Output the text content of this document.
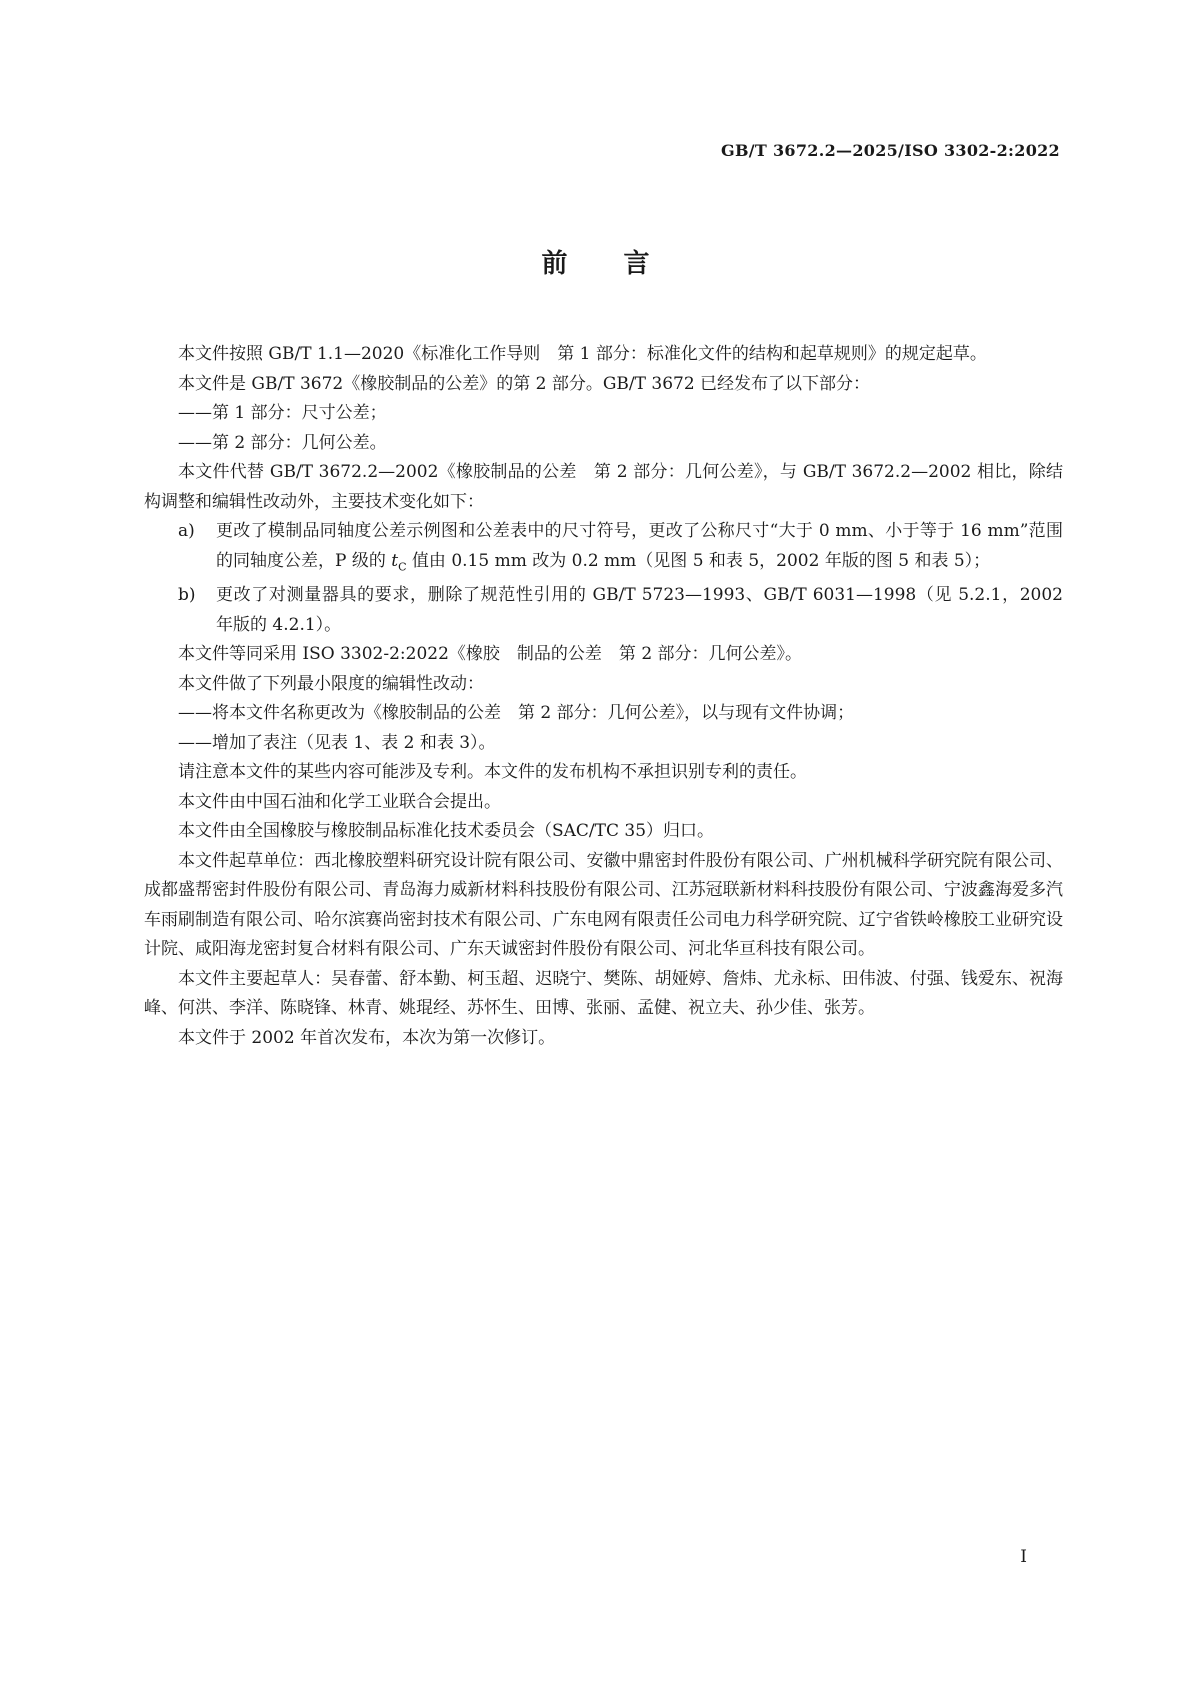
GB/T 3672.2—2025/ISO 3302-2:2022
前言

本文件按照 GB/T 1.1—2020《标准化工作导则　第 1 部分：标准化文件的结构和起草规则》的规定起草。

本文件是 GB/T 3672《橡胶制品的公差》的第 2 部分。GB/T 3672 已经发布了以下部分：

——第 1 部分：尺寸公差；

——第 2 部分：几何公差。

本文件代替 GB/T 3672.2—2002《橡胶制品的公差　第 2 部分：几何公差》，与 GB/T 3672.2—2002 相比，除结构调整和编辑性改动外，主要技术变化如下：

a) 更改了模制品同轴度公差示例图和公差表中的尺寸符号，更改了公称尺寸“大于 0 mm、小于等于 16 mm”范围的同轴度公差，P 级的 $t_C$ 值由 0.15 mm 改为 0.2 mm（见图 5 和表 5，2002 年版的图 5 和表 5）；

b) 更改了对测量器具的要求，删除了规范性引用的 GB/T 5723—1993、GB/T 6031—1998（见 5.2.1，2002 年版的 4.2.1）。

本文件等同采用 ISO 3302-2:2022《橡胶　制品的公差　第 2 部分：几何公差》。

本文件做了下列最小限度的编辑性改动：

——将本文件名称更改为《橡胶制品的公差　第 2 部分：几何公差》，以与现有文件协调；

——增加了表注（见表 1、表 2 和表 3）。

请注意本文件的某些内容可能涉及专利。本文件的发布机构不承担识别专利的责任。

本文件由中国石油和化学工业联合会提出。

本文件由全国橡胶与橡胶制品标准化技术委员会（SAC/TC 35）归口。

本文件起草单位：西北橡胶塑料研究设计院有限公司、安徽中鼎密封件股份有限公司、广州机械科学研究院有限公司、成都盛帮密封件股份有限公司、青岛海力威新材料科技股份有限公司、江苏冠联新材料科技股份有限公司、宁波鑫海爱多汽车雨刷制造有限公司、哈尔滨赛尚密封技术有限公司、广东电网有限责任公司电力科学研究院、辽宁省铁岭橡胶工业研究设计院、咸阳海龙密封复合材料有限公司、广东天诚密封件股份有限公司、河北华亘科技有限公司。

本文件主要起草人：吴春蕾、舒本勤、柯玉超、迟晓宁、樊陈、胡娅婷、詹炜、尤永标、田伟波、付强、钱爱东、祝海峰、何洪、李洋、陈晓锋、林青、姚琨经、苏怀生、田博、张丽、孟健、祝立夫、孙少佳、张芳。

本文件于 2002 年首次发布，本次为第一次修订。

I
